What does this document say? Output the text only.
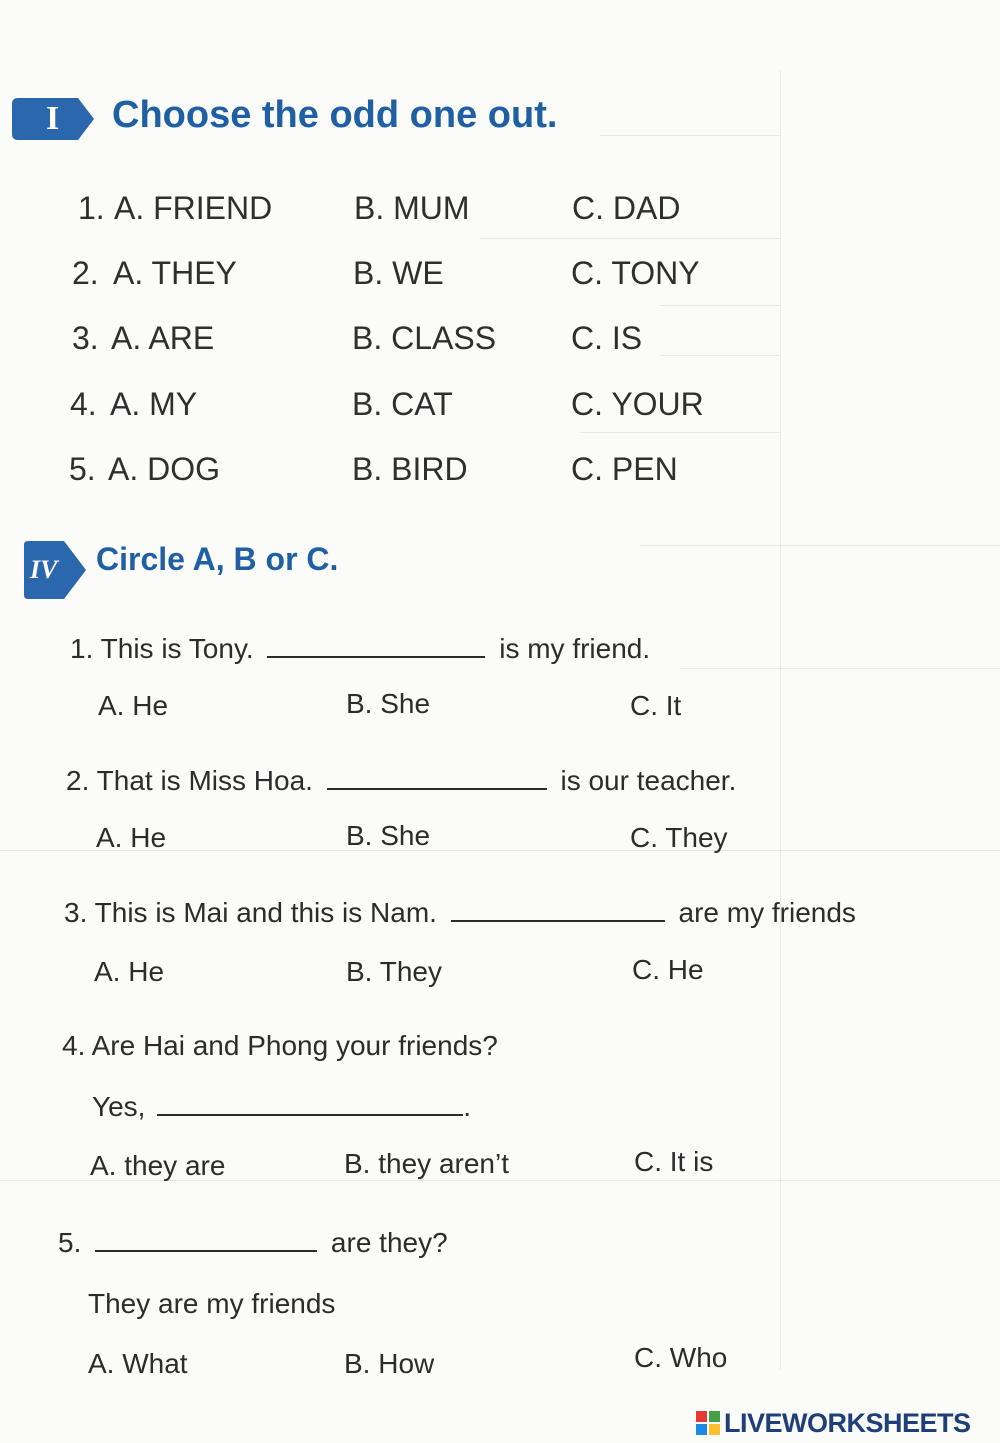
I Choose the odd one out.
1. A. FRIEND	B. MUM	C. DAD
2. A. THEY	B. WE	C. TONY
3. A. ARE	B. CLASS C. IS
4. A. MY	B. CAT	C. YOUR
5. A. DOG	B. BIRD	C. PEN
IV Circle A, B or C.
1. This is Tony.	is my friend.
A. He	B. She	C. It
2. That is Miss Hoa.	is our teacher.
A. He	B. She	C. They
3. This is Mai and this is Nam.	are my friends
A. He	B. They	C. He
4. Are Hai and Phong your friends?
Yes,	.
A. they are	B. they aren’t	C. It is
5.	are they?
They are my friends
A. What	B. How	C. Who
LIVEWORKSHEETS
